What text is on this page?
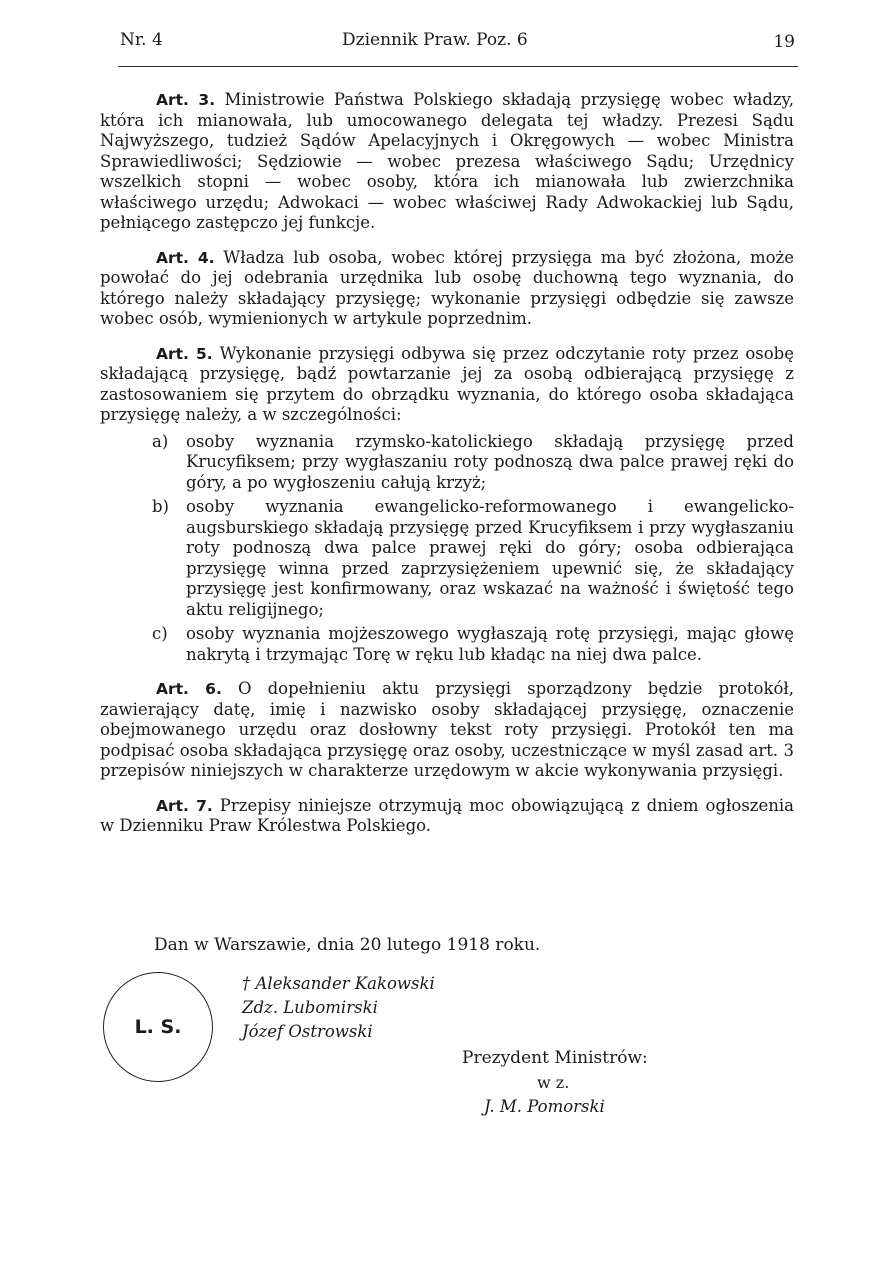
Nr. 4	Dziennik Praw. Poz. 6	19

Art. 3. Ministrowie Państwa Polskiego składają przysięgę wobec władzy, która ich mianowała, lub umocowanego delegata tej władzy. Prezesi Sądu Najwyższego, tudzież Sądów Apelacyjnych i Okręgowych — wobec Ministra Sprawiedliwości; Sędziowie — wobec prezesa właściwego Sądu; Urzędnicy wszelkich stopni — wobec osoby, która ich mianowała lub zwierzchnika właściwego urzędu; Adwokaci — wobec właściwej Rady Adwokackiej lub Sądu, pełniącego zastępczo jej funkcje.

Art. 4. Władza lub osoba, wobec której przysięga ma być złożona, może powołać do jej odebrania urzędnika lub osobę duchowną tego wyznania, do którego należy składający przysięgę; wykonanie przysięgi odbędzie się zawsze wobec osób, wymienionych w artykule poprzednim.

Art. 5. Wykonanie przysięgi odbywa się przez odczytanie roty przez osobę składającą przysięgę, bądź powtarzanie jej za osobą odbierającą przysięgę z zastosowaniem się przytem do obrządku wyznania, do którego osoba składająca przysięgę należy, a w szczególności:

a) osoby wyznania rzymsko-katolickiego składają przysięgę przed Krucyfiksem; przy wygłaszaniu roty podnoszą dwa palce prawej ręki do góry, a po wygłoszeniu całują krzyż;
b) osoby wyznania ewangelicko-reformowanego i ewangelicko-augsburskiego składają przysięgę przed Krucyfiksem i przy wygłaszaniu roty podnoszą dwa palce prawej ręki do góry; osoba odbierająca przysięgę winna przed zaprzysiężeniem upewnić się, że składający przysięgę jest konfirmowany, oraz wskazać na ważność i świętość tego aktu religijnego;
c) osoby wyznania mojżeszowego wygłaszają rotę przysięgi, mając głowę nakrytą i trzymając Torę w ręku lub kładąc na niej dwa palce.

Art. 6. O dopełnieniu aktu przysięgi sporządzony będzie protokół, zawierający datę, imię i nazwisko osoby składającej przysięgę, oznaczenie obejmowanego urzędu oraz dosłowny tekst roty przysięgi. Protokół ten ma podpisać osoba składająca przysięgę oraz osoby, uczestniczące w myśl zasad art. 3 przepisów niniejszych w charakterze urzędowym w akcie wykonywania przysięgi.

Art. 7. Przepisy niniejsze otrzymują moc obowiązującą z dniem ogłoszenia w Dzienniku Praw Królestwa Polskiego.

Dan w Warszawie, dnia 20 lutego 1918 roku.
L. S.
† Aleksander Kakowski
Zdz. Lubomirski
Józef Ostrowski
Prezydent Ministrów:
w z.
J. M. Pomorski
